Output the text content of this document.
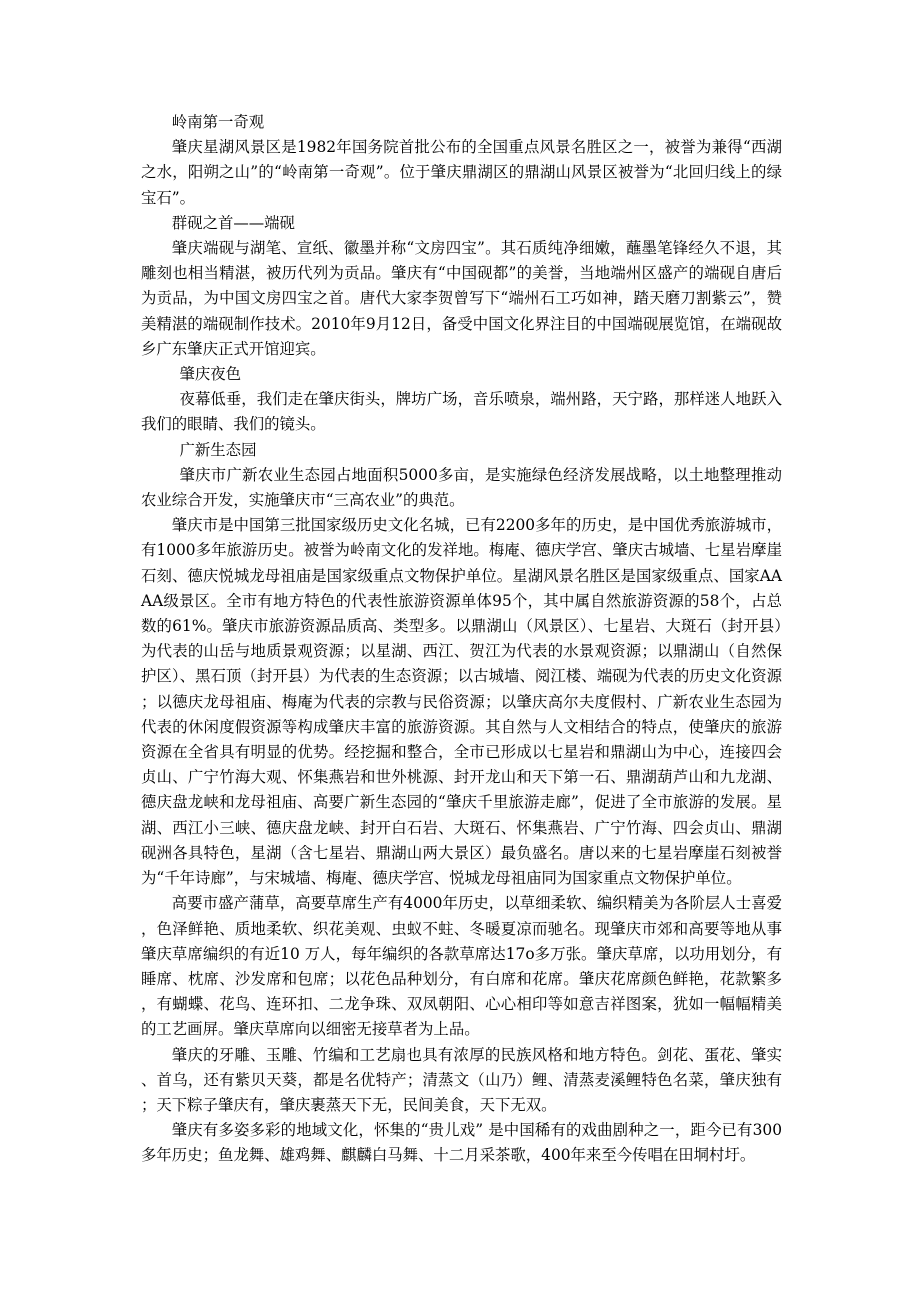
岭南第一奇观

肇庆星湖风景区是1982年国务院首批公布的全国重点风景名胜区之一，被誉为兼得“西湖之水，阳朔之山”的“岭南第一奇观”。位于肇庆鼎湖区的鼎湖山风景区被誉为“北回归线上的绿宝石”。

群砚之首——端砚

肇庆端砚与湖笔、宣纸、徽墨并称“文房四宝”。其石质纯净细嫩，蘸墨笔锋经久不退，其雕刻也相当精湛，被历代列为贡品。肇庆有“中国砚都”的美誉，当地端州区盛产的端砚自唐后为贡品，为中国文房四宝之首。唐代大家李贺曾写下“端州石工巧如神，踏天磨刀割紫云”，赞美精湛的端砚制作技术。2010年9月12日，备受中国文化界注目的中国端砚展览馆，在端砚故乡广东肇庆正式开馆迎宾。

肇庆夜色

夜幕低垂，我们走在肇庆街头，牌坊广场，音乐喷泉，端州路，天宁路，那样迷人地跃入我们的眼睛、我们的镜头。

广新生态园

肇庆市广新农业生态园占地面积5000多亩，是实施绿色经济发展战略，以土地整理推动农业综合开发，实施肇庆市“三高农业”的典范。

肇庆市是中国第三批国家级历史文化名城，已有2200多年的历史，是中国优秀旅游城市，有1000多年旅游历史。被誉为岭南文化的发祥地。梅庵、德庆学宫、肇庆古城墙、七星岩摩崖石刻、德庆悦城龙母祖庙是国家级重点文物保护单位。星湖风景名胜区是国家级重点、国家AAAA级景区。全市有地方特色的代表性旅游资源单体95个，其中属自然旅游资源的58个，占总数的61%。肇庆市旅游资源品质高、类型多。以鼎湖山（风景区）、七星岩、大斑石（封开县）为代表的山岳与地质景观资源；以星湖、西江、贺江为代表的水景观资源；以鼎湖山（自然保护区）、黑石顶（封开县）为代表的生态资源；以古城墙、阅江楼、端砚为代表的历史文化资源；以德庆龙母祖庙、梅庵为代表的宗教与民俗资源；以肇庆高尔夫度假村、广新农业生态园为代表的休闲度假资源等构成肇庆丰富的旅游资源。其自然与人文相结合的特点，使肇庆的旅游资源在全省具有明显的优势。经挖掘和整合，全市已形成以七星岩和鼎湖山为中心，连接四会贞山、广宁竹海大观、怀集燕岩和世外桃源、封开龙山和天下第一石、鼎湖葫芦山和九龙湖、德庆盘龙峡和龙母祖庙、高要广新生态园的“肇庆千里旅游走廊”，促进了全市旅游的发展。星湖、西江小三峡、德庆盘龙峡、封开白石岩、大斑石、怀集燕岩、广宁竹海、四会贞山、鼎湖砚洲各具特色，星湖（含七星岩、鼎湖山两大景区）最负盛名。唐以来的七星岩摩崖石刻被誉为“千年诗廊”，与宋城墙、梅庵、德庆学宫、悦城龙母祖庙同为国家重点文物保护单位。

高要市盛产蒲草，高要草席生产有4000年历史，以草细柔软、编织精美为各阶层人士喜爱，色泽鲜艳、质地柔软、织花美观、虫蚁不蛀、冬暖夏凉而驰名。现肇庆市郊和高要等地从事肇庆草席编织的有近10 万人，每年编织的各款草席达17o多万张。肇庆草席，以功用划分，有睡席、枕席、沙发席和包席；以花色品种划分，有白席和花席。肇庆花席颜色鲜艳，花款繁多，有蝴蝶、花鸟、连环扣、二龙争珠、双凤朝阳、心心相印等如意吉祥图案，犹如一幅幅精美的工艺画屏。肇庆草席向以细密无接草者为上品。

肇庆的牙雕、玉雕、竹编和工艺扇也具有浓厚的民族风格和地方特色。剑花、蛋花、肇实、首乌，还有紫贝天葵，都是名优特产；清蒸文（山乃）鲤、清蒸麦溪鲤特色名菜，肇庆独有；天下粽子肇庆有，肇庆裹蒸天下无，民间美食，天下无双。

肇庆有多姿多彩的地域文化，怀集的“贵儿戏” 是中国稀有的戏曲剧种之一，距今已有300多年历史；鱼龙舞、雄鸡舞、麒麟白马舞、十二月采茶歌，400年来至今传唱在田垌村圩。
